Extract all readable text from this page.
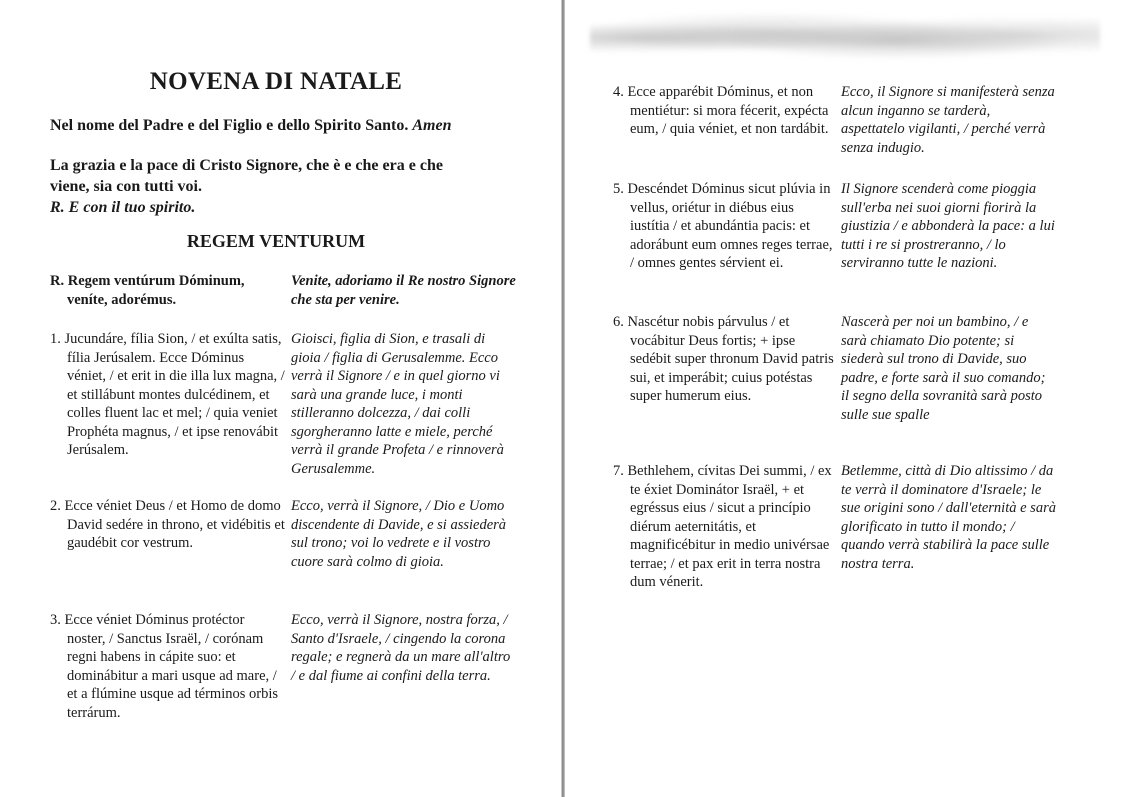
NOVENA DI NATALE
Nel nome del Padre e del Figlio e dello Spirito Santo. Amen
La grazia e la pace di Cristo Signore, che è e che era e che
viene, sia con tutti voi.
R. E con il tuo spirito.
REGEM VENTURUM
R. Regem ventúrum Dóminum, veníte, adorémus.
Venite, adoriamo il Re nostro Signore che sta per venire.
1. Jucundáre, fília Sion, / et exúlta satis, fília Jerúsalem. Ecce Dóminus véniet, / et erit in die illa lux magna, / et stillábunt montes dulcédinem, et colles fluent lac et mel; / quia veniet Prophéta magnus, / et ipse renovábit Jerúsalem.
Gioisci, figlia di Sion, e trasali di gioia / figlia di Gerusalemme. Ecco verrà il Signore / e in quel giorno vi sarà una grande luce, i monti stilleranno dolcezza, / dai colli sgorgheranno latte e miele, perché verrà il grande Profeta / e rinnoverà Gerusalemme.
2. Ecce véniet Deus / et Homo de domo David sedére in throno, et vidébitis et gaudébit cor vestrum.
Ecco, verrà il Signore, / Dio e Uomo discendente di Davide, e si assiederà sul trono; voi lo vedrete e il vostro cuore sarà colmo di gioia.
3. Ecce véniet Dóminus protéctor noster, / Sanctus Israël, / corónam regni habens in cápite suo: et dominábitur a mari usque ad mare, / et a flúmine usque ad términos orbis terrárum.
Ecco, verrà il Signore, nostra forza, / Santo d'Israele, / cingendo la corona regale; e regnerà da un mare all'altro / e dal fiume ai confini della terra.
4. Ecce apparébit Dóminus, et non mentiétur: si mora fécerit, expécta eum, / quia véniet, et non tardábit.
Ecco, il Signore si manifesterà senza alcun inganno se tarderà, aspettatelo vigilanti, / perché verrà senza indugio.
5. Descéndet Dóminus sicut plúvia in vellus, oriétur in diébus eius iustítia / et abundántia pacis: et adorábunt eum omnes reges terrae, / omnes gentes sérvient ei.
Il Signore scenderà come pioggia sull'erba nei suoi giorni fiorirà la giustizia / e abbonderà la pace: a lui tutti i re si prostreranno, / lo serviranno tutte le nazioni.
6. Nascétur nobis párvulus / et vocábitur Deus fortis; + ipse sedébit super thronum David patris sui, et imperábit; cuius potéstas super humerum eius.
Nascerà per noi un bambino, / e sarà chiamato Dio potente; si siederà sul trono di Davide, suo padre, e forte sarà il suo comando; il segno della sovranità sarà posto sulle sue spalle
7. Bethlehem, cívitas Dei summi, / ex te éxiet Dominátor Israël, + et egréssus eius / sicut a princípio diérum aeternitátis, et magnificébitur in medio univérsae terrae; / et pax erit in terra nostra dum vénerit.
Betlemme, città di Dio altissimo / da te verrà il dominatore d'Israele; le sue origini sono / dall'eternità e sarà glorificato in tutto il mondo; / quando verrà stabilirà la pace sulle nostra terra.
